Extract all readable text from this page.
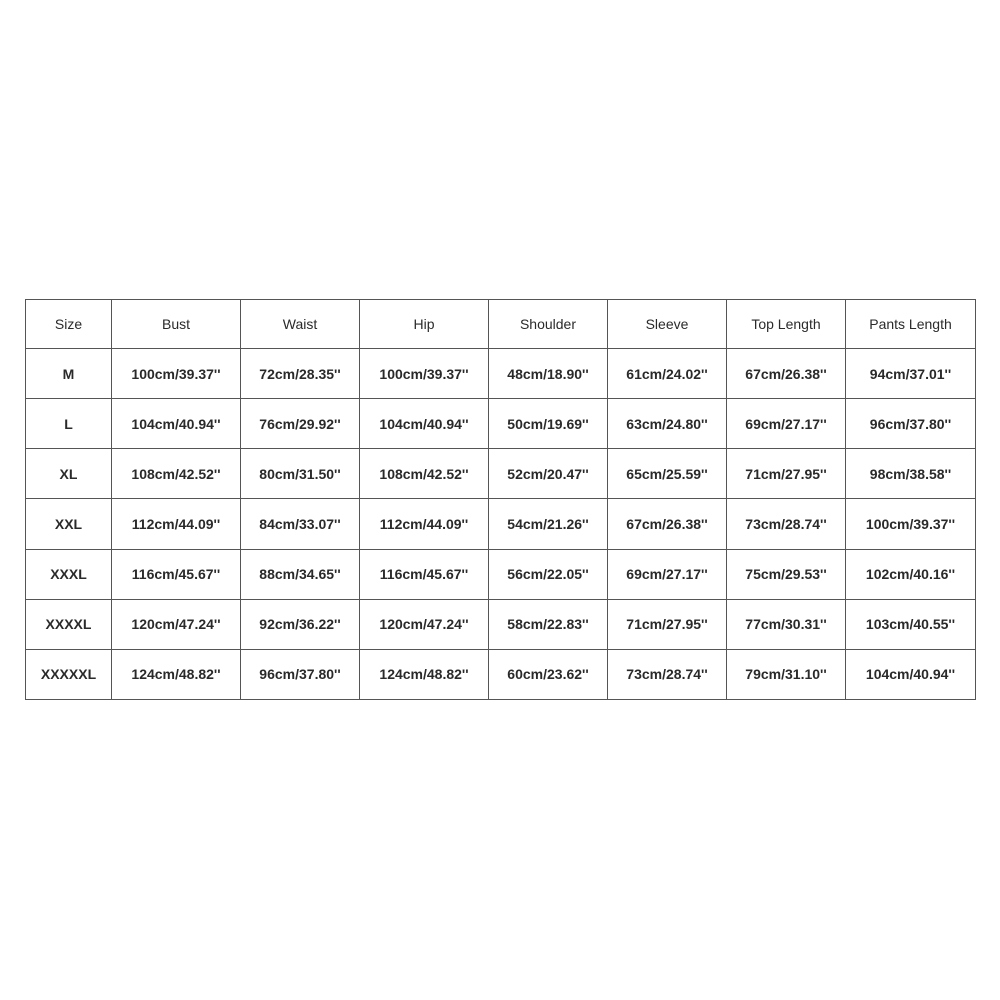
Size	Bust	Waist	Hip	Shoulder	Sleeve	Top Length	Pants Length
M	100cm/39.37''	72cm/28.35''	100cm/39.37''	48cm/18.90''	61cm/24.02''	67cm/26.38''	94cm/37.01''
L	104cm/40.94''	76cm/29.92''	104cm/40.94''	50cm/19.69''	63cm/24.80''	69cm/27.17''	96cm/37.80''
XL	108cm/42.52''	80cm/31.50''	108cm/42.52''	52cm/20.47''	65cm/25.59''	71cm/27.95''	98cm/38.58''
XXL	112cm/44.09''	84cm/33.07''	112cm/44.09''	54cm/21.26''	67cm/26.38''	73cm/28.74''	100cm/39.37''
XXXL	116cm/45.67''	88cm/34.65''	116cm/45.67''	56cm/22.05''	69cm/27.17''	75cm/29.53''	102cm/40.16''
XXXXL	120cm/47.24''	92cm/36.22''	120cm/47.24''	58cm/22.83''	71cm/27.95''	77cm/30.31''	103cm/40.55''
XXXXXL	124cm/48.82''	96cm/37.80''	124cm/48.82''	60cm/23.62''	73cm/28.74''	79cm/31.10''	104cm/40.94''
